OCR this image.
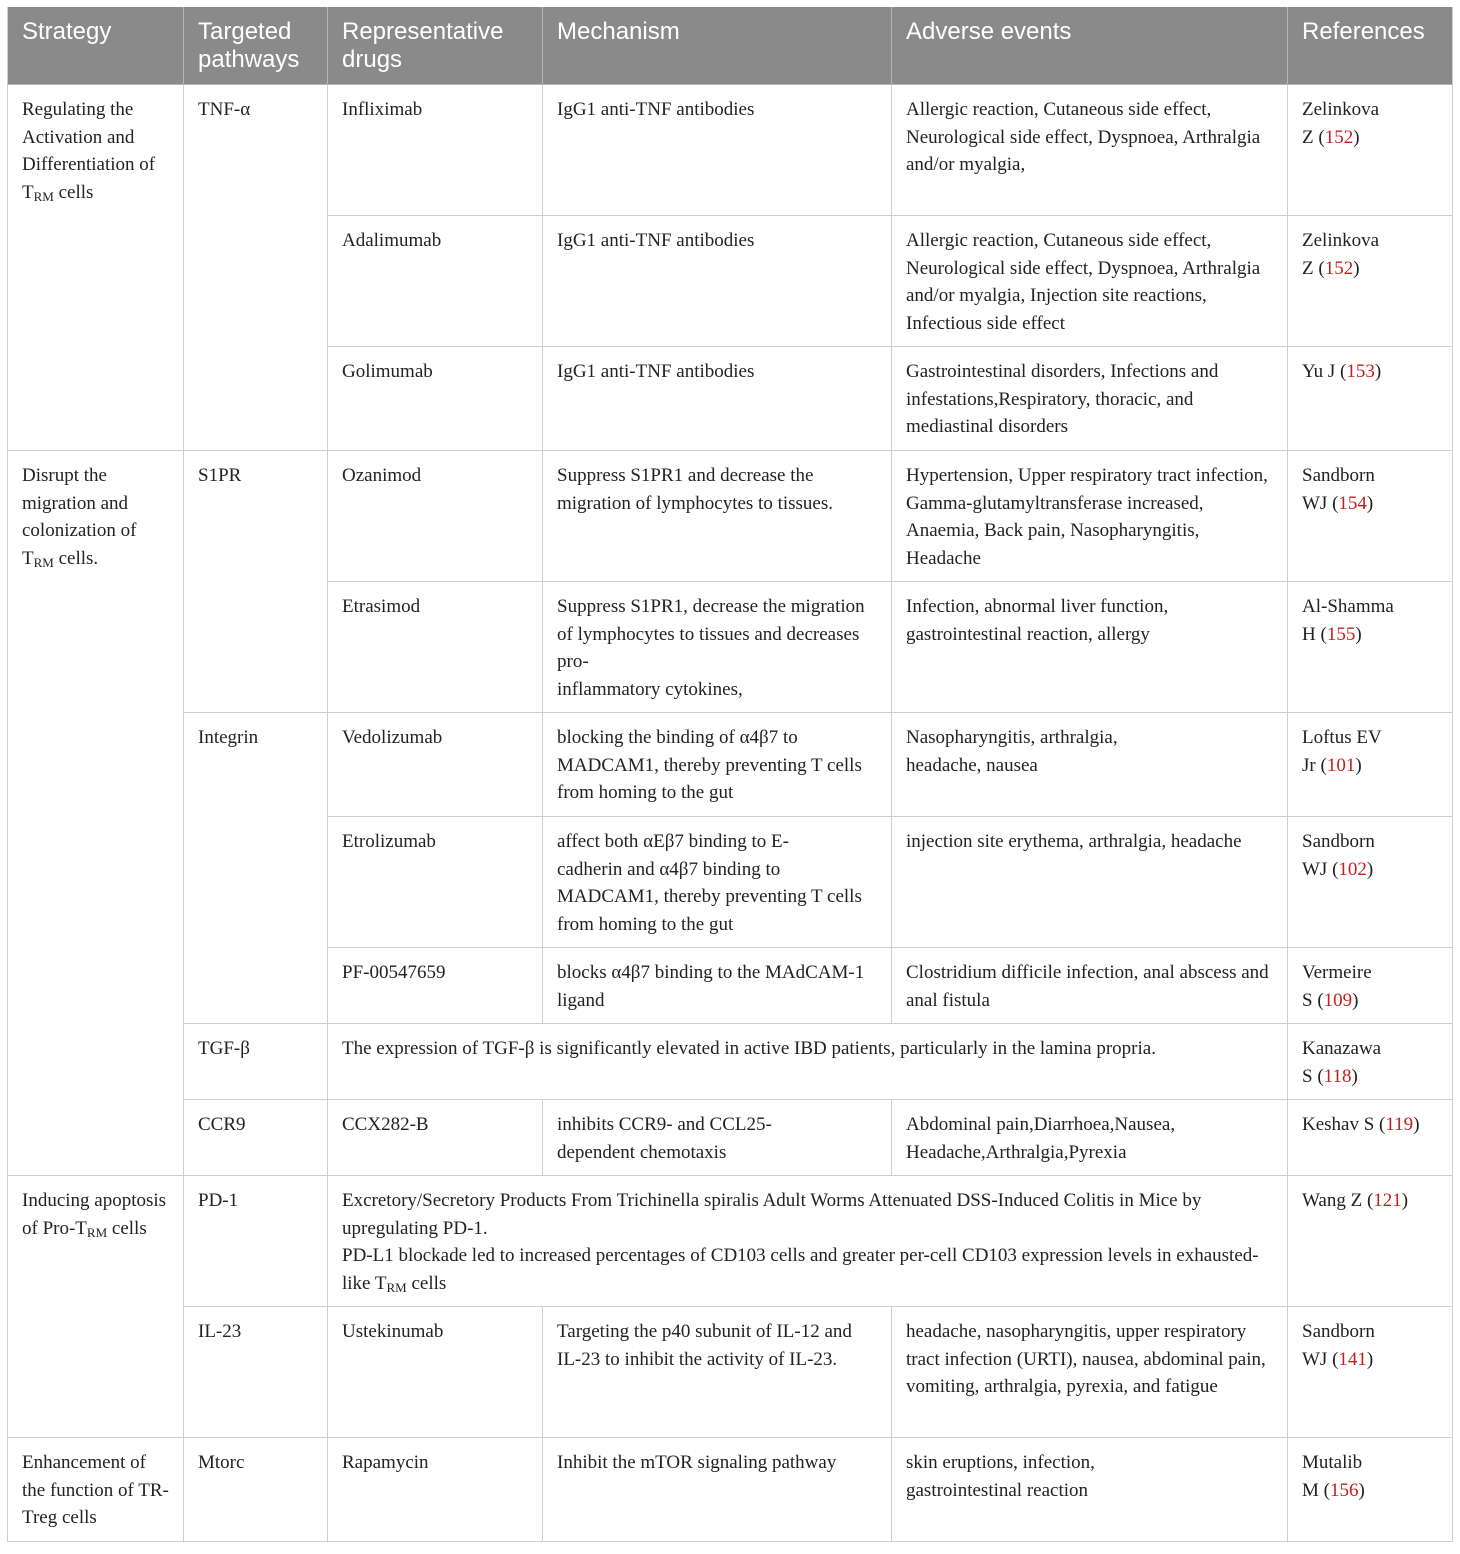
Strategy	Targeted pathways	Representative drugs	Mechanism	Adverse events	References
Regulating the Activation and Differentiation of $T_{RM}$ cells	TNF-α	Infliximab	IgG1 anti-TNF antibodies	Allergic reaction, Cutaneous side effect, Neurological side effect, Dyspnoea, Arthralgia and/or myalgia,	Zelinkova
Z (152)
		Adalimumab	IgG1 anti-TNF antibodies	Allergic reaction, Cutaneous side effect, Neurological side effect, Dyspnoea, Arthralgia and/or myalgia, Injection site reactions, Infectious side effect	Zelinkova
Z (152)
		Golimumab	IgG1 anti-TNF antibodies	Gastrointestinal disorders, Infections and infestations,Respiratory, thoracic, and mediastinal disorders	Yu J (153)
Disrupt the migration and colonization of $T_{RM}$ cells.	S1PR	Ozanimod	Suppress S1PR1 and decrease the migration of lymphocytes to tissues.	Hypertension, Upper respiratory tract infection, Gamma-glutamyltransferase increased, Anaemia, Back pain, Nasopharyngitis, Headache	Sandborn
WJ (154)
		Etrasimod	Suppress S1PR1, decrease the migration of lymphocytes to tissues and decreases pro-
inflammatory cytokines,	Infection, abnormal liver function, gastrointestinal reaction, allergy	Al-Shamma
H (155)
	Integrin	Vedolizumab	blocking the binding of α4β7 to MADCAM1, thereby preventing T cells from homing to the gut	Nasopharyngitis, arthralgia,
headache, nausea	Loftus EV
Jr (101)
		Etrolizumab	affect both αEβ7 binding to E-
cadherin and α4β7 binding to MADCAM1, thereby preventing T cells from homing to the gut	injection site erythema, arthralgia, headache	Sandborn
WJ (102)
		PF-00547659	blocks α4β7 binding to the MAdCAM-1 ligand	Clostridium difficile infection, anal abscess and anal fistula	Vermeire
S (109)
	TGF-β	The expression of TGF-β is significantly elevated in active IBD patients, particularly in the lamina propria.			Kanazawa
S (118)
	CCR9	CCX282-B	inhibits CCR9- and CCL25-
dependent chemotaxis	Abdominal pain,Diarrhoea,Nausea, Headache,Arthralgia,Pyrexia	Keshav S (119)
Inducing apoptosis of Pro-$T_{RM}$ cells	PD-1	Excretory/Secretory Products From Trichinella spiralis Adult Worms Attenuated DSS-Induced Colitis in Mice by upregulating PD-1.
PD-L1 blockade led to increased percentages of CD103 cells and greater per-cell CD103 expression levels in exhausted-like $T_{RM}$ cells			Wang Z (121)
	IL-23	Ustekinumab	Targeting the p40 subunit of IL-12 and IL-23 to inhibit the activity of IL-23.	headache, nasopharyngitis, upper respiratory tract infection (URTI), nausea, abdominal pain, vomiting, arthralgia, pyrexia, and fatigue	Sandborn
WJ (141)
Enhancement of the function of TR-Treg cells	Mtorc	Rapamycin	Inhibit the mTOR signaling pathway	skin eruptions, infection,
gastrointestinal reaction	Mutalib
M (156)
